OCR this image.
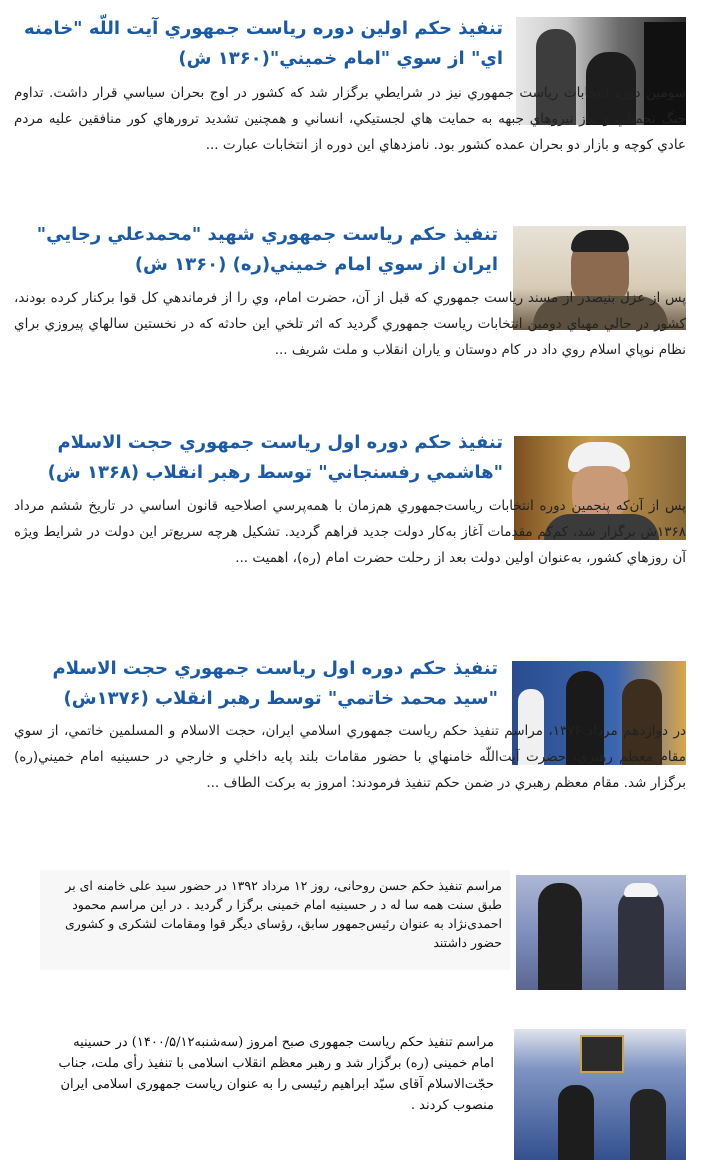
تنفيذ حكم اولين دوره رياست جمهوري آيت اللّه "خامنه اي" از سوي "امام خميني"(۱۳۶۰ ش)
سومين دوره انتخابات رياست جمهوري نيز در شرايطي برگزار شد كه كشور در اوج بحران سياسي قرار داشت. تداوم جنگ تحميلي و نياز نيروهاي جبهه به حمايت هاي لجستيكي، انساني و همچنين تشديد ترورهاي كور منافقين عليه مردم عادي كوچه و بازار دو بحران عمده كشور بود. نامزدهاي اين دوره از انتخابات عبارت ...
تنفيذ حكم رياست جمهوري شهيد "محمدعلي رجايي" ايران از سوي امام خميني(ره) (۱۳۶۰ ش)
پس از عزل بنيصدر از مسند رياست جمهوري كه قبل از آن، حضرت امام، وي را از فرماندهي كل قوا بركنار كرده بودند، كشور در حالي مهياي دومين انتخابات رياست جمهوري گرديد كه اثر تلخي اين حادثه كه در نخستين سالهاي پيروزي براي نظام نوپاي اسلام روي داد در كام دوستان و ياران انقلاب و ملت شريف ...
تنفيذ حكم دوره اول رياست جمهوري حجت الاسلام "هاشمي رفسنجاني" توسط رهبر انقلاب (۱۳۶۸ ش)
پس از آن‌كه پنجمين دوره انتخابات رياست‌جمهوري هم‌زمان با همه‌پرسي اصلاحيه قانون اساسي در تاريخ ششم مرداد ۱۳۶۸ش برگزار شد، كم‌كم مقدمات آغاز به‌كار دولت جديد فراهم گرديد. تشكيل هرچه سريع‌تر اين دولت در شرايط ويژه آن روزهاي كشور، به‌عنوان اولين دولت بعد از رحلت حضرت امام (ره)، اهميت ...
تنفيذ حكم دوره اول رياست جمهوري حجت الاسلام "سيد محمد خاتمي" توسط رهبر انقلاب (۱۳۷۶ش)
در دوازدهم مرداد ۱۳۷۶، مراسم تنفيذ حكم رياست جمهوري اسلامي ايران، حجت الاسلام و المسلمين خاتمي، از سوي مقام معظم رهبري، حضرت آيت‌اللّه خامنهاي با حضور مقامات بلند پايه داخلي و خارجي در حسينيه امام خميني(ره) برگزار شد. مقام معظم رهبري در ضمن حكم تنفيذ فرمودند: امروز به بركت الطاف ...
مراسم تنفيذ حكم حسن روحانی، روز ۱۲ مرداد ۱۳۹۲ در حضور سيد علی خامنه ای بر طبق سنت همه سا له د ر حسينيه امام خمينی برگزا ر گردید . در این مراسم محمود احمدی‌نژاد به عنوان رئيس‌جمهور سابق، رؤسای دیگر قوا ومقامات لشکری و کشوری حضور داشتند
مراسم تنفیذ حکم ریاست جمهوری صبح امروز (سه‌شنبه۱۴۰۰/۵/۱۲) در حسینیه امام خمینی (ره) برگزار شد و رهبر معظم انقلاب اسلامی با تنفیذ رأی ملت، جناب حجّت‌الاسلام آقای سیّد ابراهیم رئیسی را به عنوان ریاست جمهوری اسلامی ایران منصوب کردند .
